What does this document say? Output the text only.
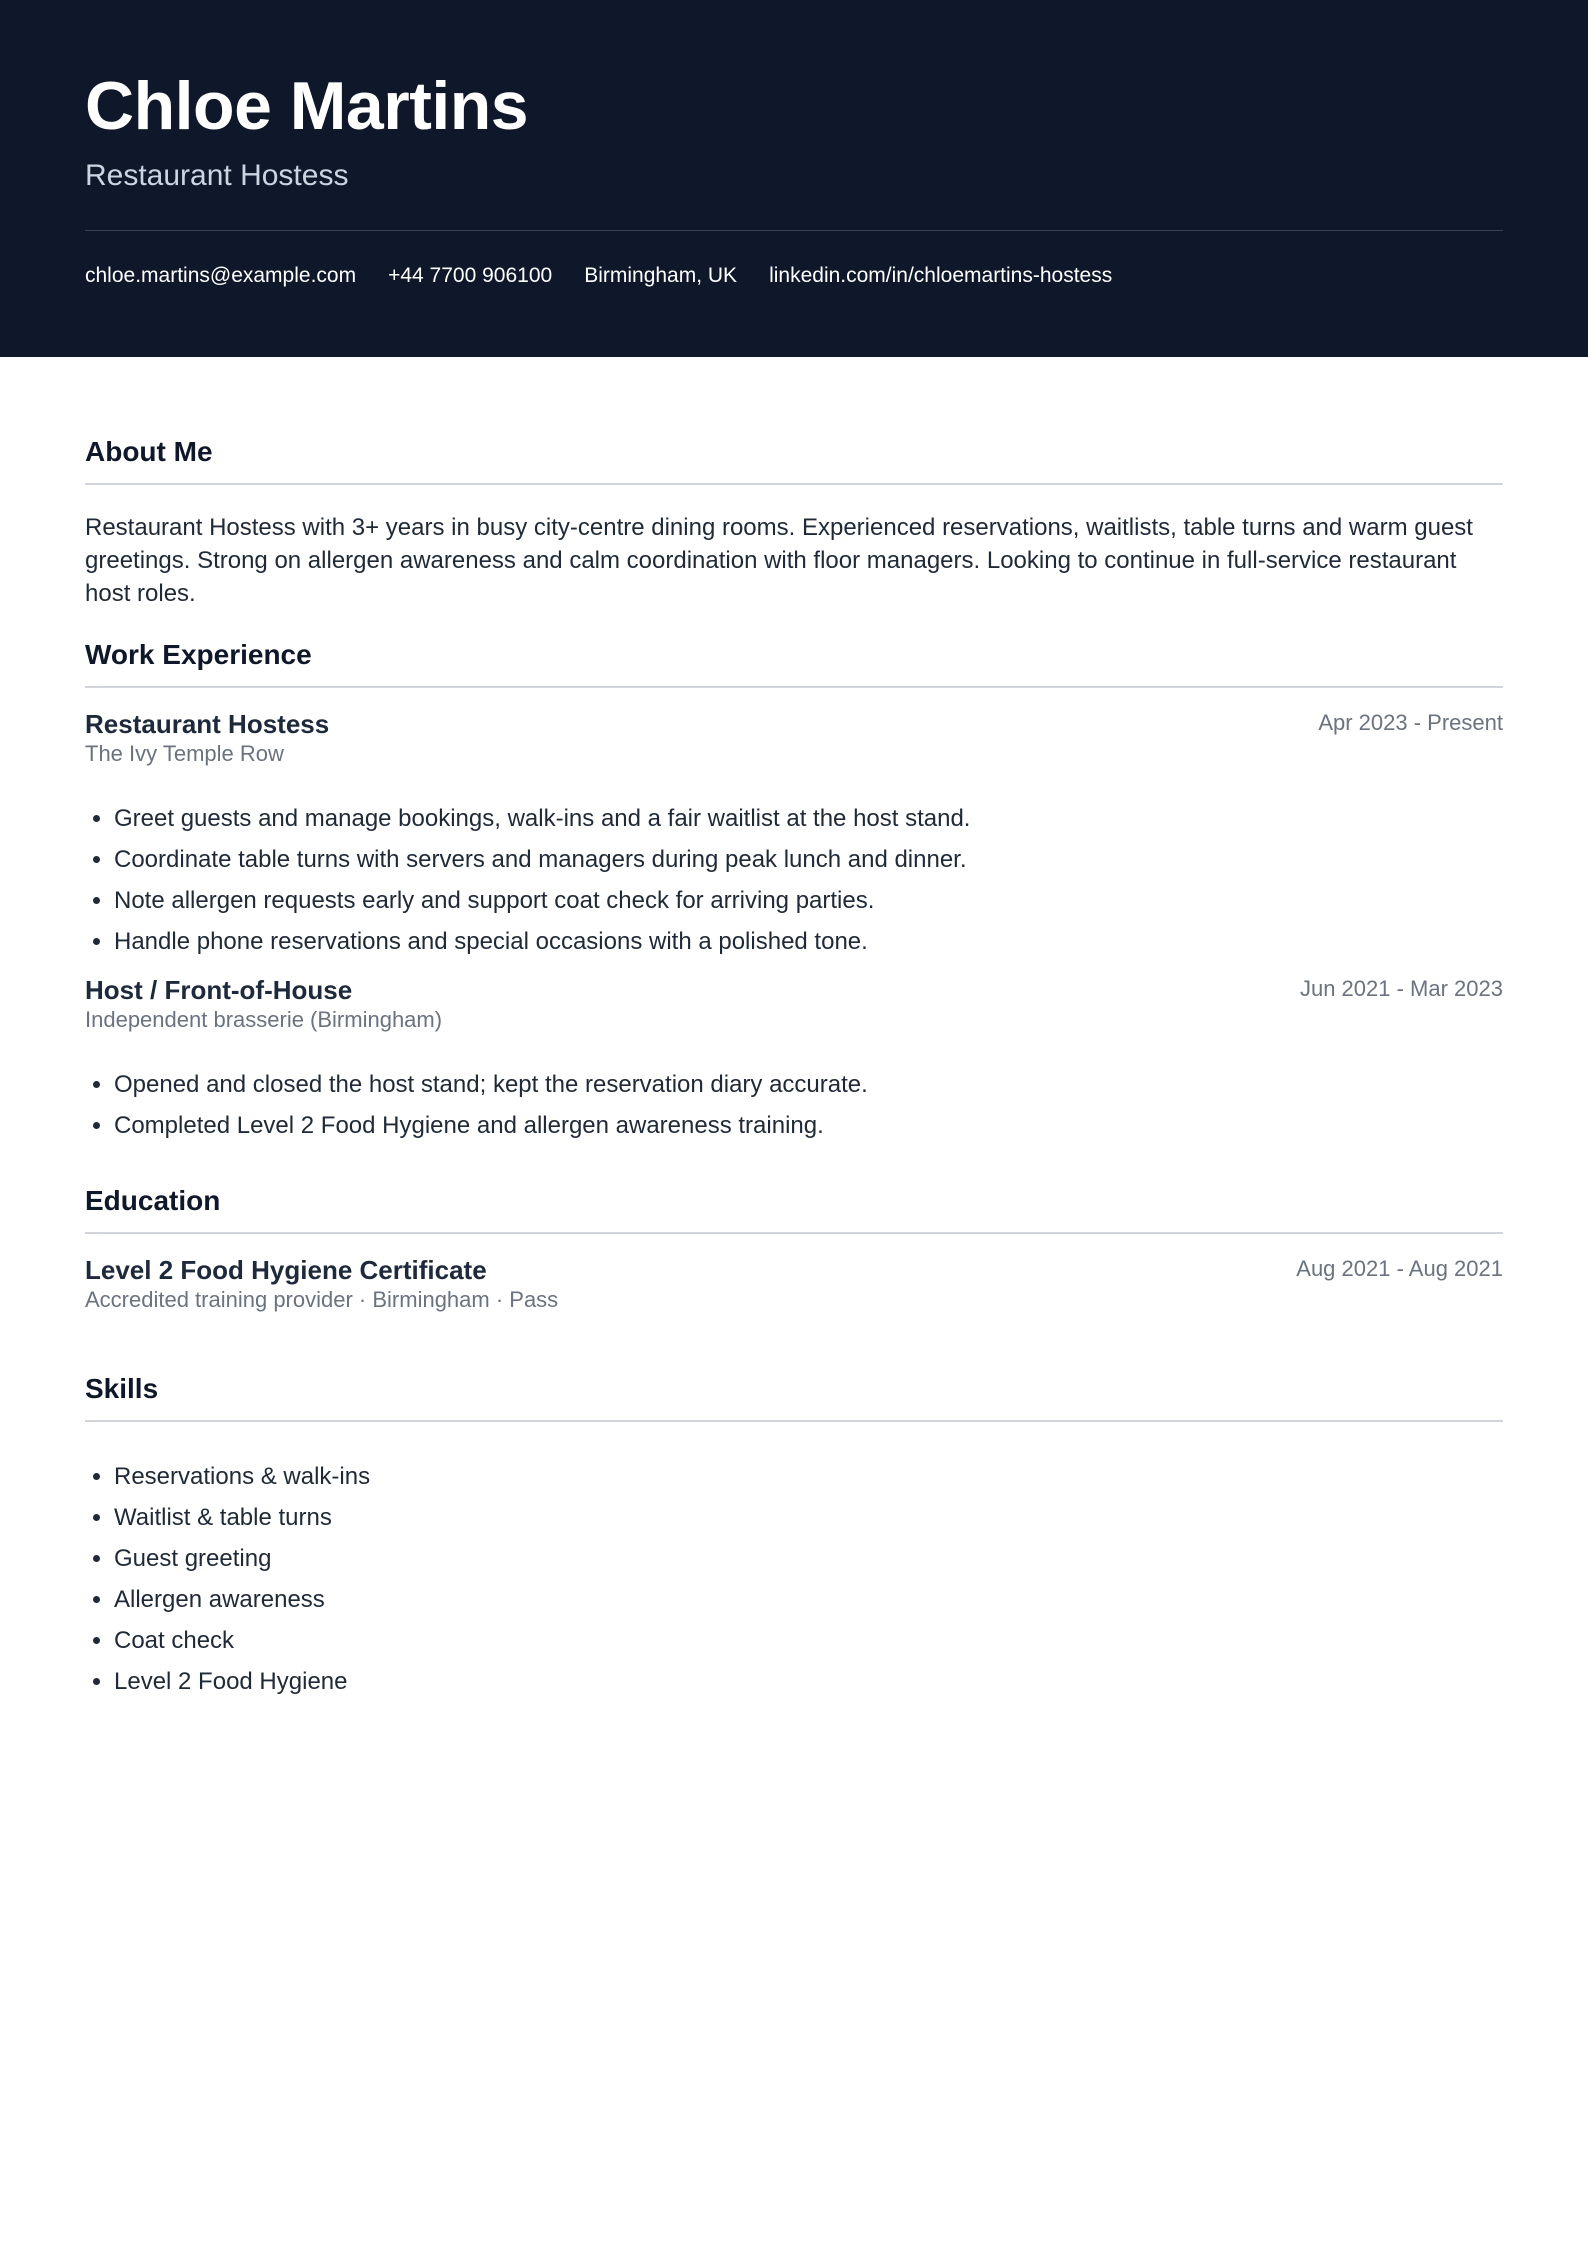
Chloe Martins
Restaurant Hostess
chloe.martins@example.com +44 7700 906100 Birmingham, UK linkedin.com/in/chloemartins-hostess
About Me
Restaurant Hostess with 3+ years in busy city-centre dining rooms. Experienced reservations, waitlists, table turns and warm guest greetings. Strong on allergen awareness and calm coordination with floor managers. Looking to continue in full-service restaurant host roles.
Work Experience
Restaurant Hostess	Apr 2023 - Present
The Ivy Temple Row
• Greet guests and manage bookings, walk-ins and a fair waitlist at the host stand.
• Coordinate table turns with servers and managers during peak lunch and dinner.
• Note allergen requests early and support coat check for arriving parties.
• Handle phone reservations and special occasions with a polished tone.
Host / Front-of-House	Jun 2021 - Mar 2023
Independent brasserie (Birmingham)
• Opened and closed the host stand; kept the reservation diary accurate.
• Completed Level 2 Food Hygiene and allergen awareness training.
Education
Level 2 Food Hygiene Certificate	Aug 2021 - Aug 2021
Accredited training provider · Birmingham · Pass
Skills
• Reservations & walk-ins
• Waitlist & table turns
• Guest greeting
• Allergen awareness
• Coat check
• Level 2 Food Hygiene
